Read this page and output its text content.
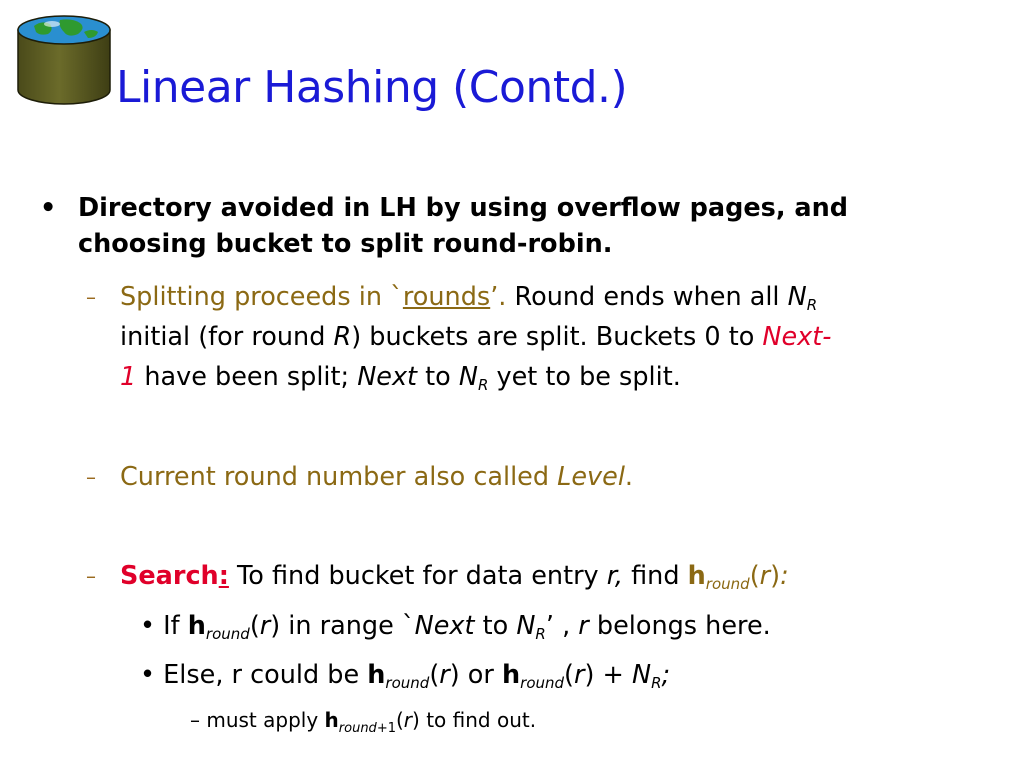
Linear Hashing (Contd.)
• Directory avoided in LH by using overflow pages, and
choosing bucket to split round-robin.
– Splitting proceeds in `rounds’. Round ends when all $N_R$
initial (for round R) buckets are split. Buckets 0 to Next-
1 have been split; Next to $N_R$ yet to be split.
– Current round number also called Level.
– Search: To find bucket for data entry r, find $h_{round}(r)$:
• If $h_{round}(r)$ in range `Next to $N_R$’ , r belongs here.
• Else, r could be $h_{round}(r)$ or $h_{round}(r) + N_R$;
– must apply $h_{round+1}(r)$ to find out.
